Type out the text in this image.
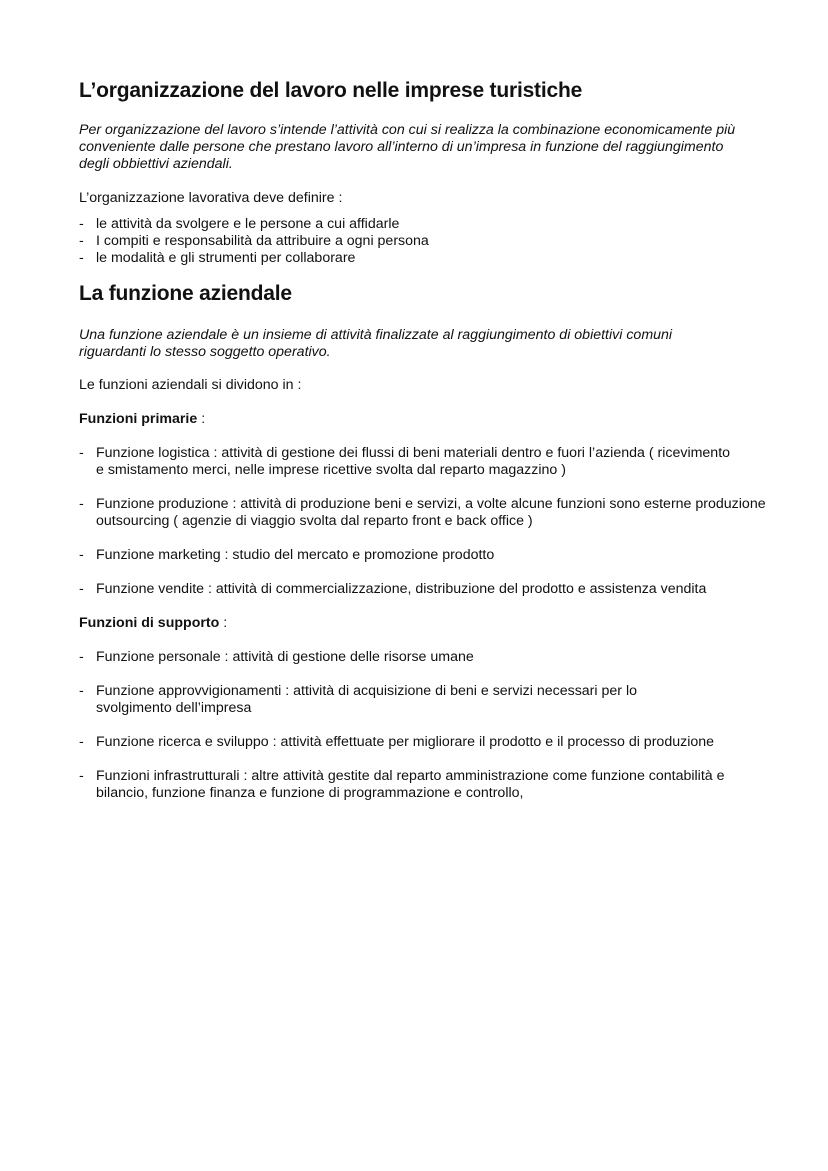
L’organizzazione del lavoro nelle imprese turistiche

Per organizzazione del lavoro s’intende l’attività con cui si realizza la combinazione economicamente più conveniente dalle persone che prestano lavoro all’interno di un’impresa in funzione del raggiungimento degli obbiettivi aziendali.

L’organizzazione lavorativa deve definire :

- le attività da svolgere e le persone a cui affidarle
- I compiti e responsabilità da attribuire a ogni persona
- le modalità e gli strumenti per collaborare
La funzione aziendale

Una funzione aziendale è un insieme di attività finalizzate al raggiungimento di obiettivi comuni riguardanti lo stesso soggetto operativo.

Le funzioni aziendali si dividono in :

Funzioni primarie :

- Funzione logistica : attività di gestione dei flussi di beni materiali dentro e fuori l’azienda ( ricevimento e smistamento merci, nelle imprese ricettive svolta dal reparto magazzino )
- Funzione produzione : attività di produzione beni e servizi, a volte alcune funzioni sono esterne produzione outsourcing ( agenzie di viaggio svolta dal reparto front e back office )
- Funzione marketing : studio del mercato e promozione prodotto
- Funzione vendite : attività di commercializzazione, distribuzione del prodotto e assistenza vendita

Funzioni di supporto :

- Funzione personale : attività di gestione delle risorse umane
- Funzione approvvigionamenti : attività di acquisizione di beni e servizi necessari per lo svolgimento dell’impresa
- Funzione ricerca e sviluppo : attività effettuate per migliorare il prodotto e il processo di produzione
- Funzioni infrastrutturali : altre attività gestite dal reparto amministrazione come funzione contabilità e bilancio, funzione finanza e funzione di programmazione e controllo,
